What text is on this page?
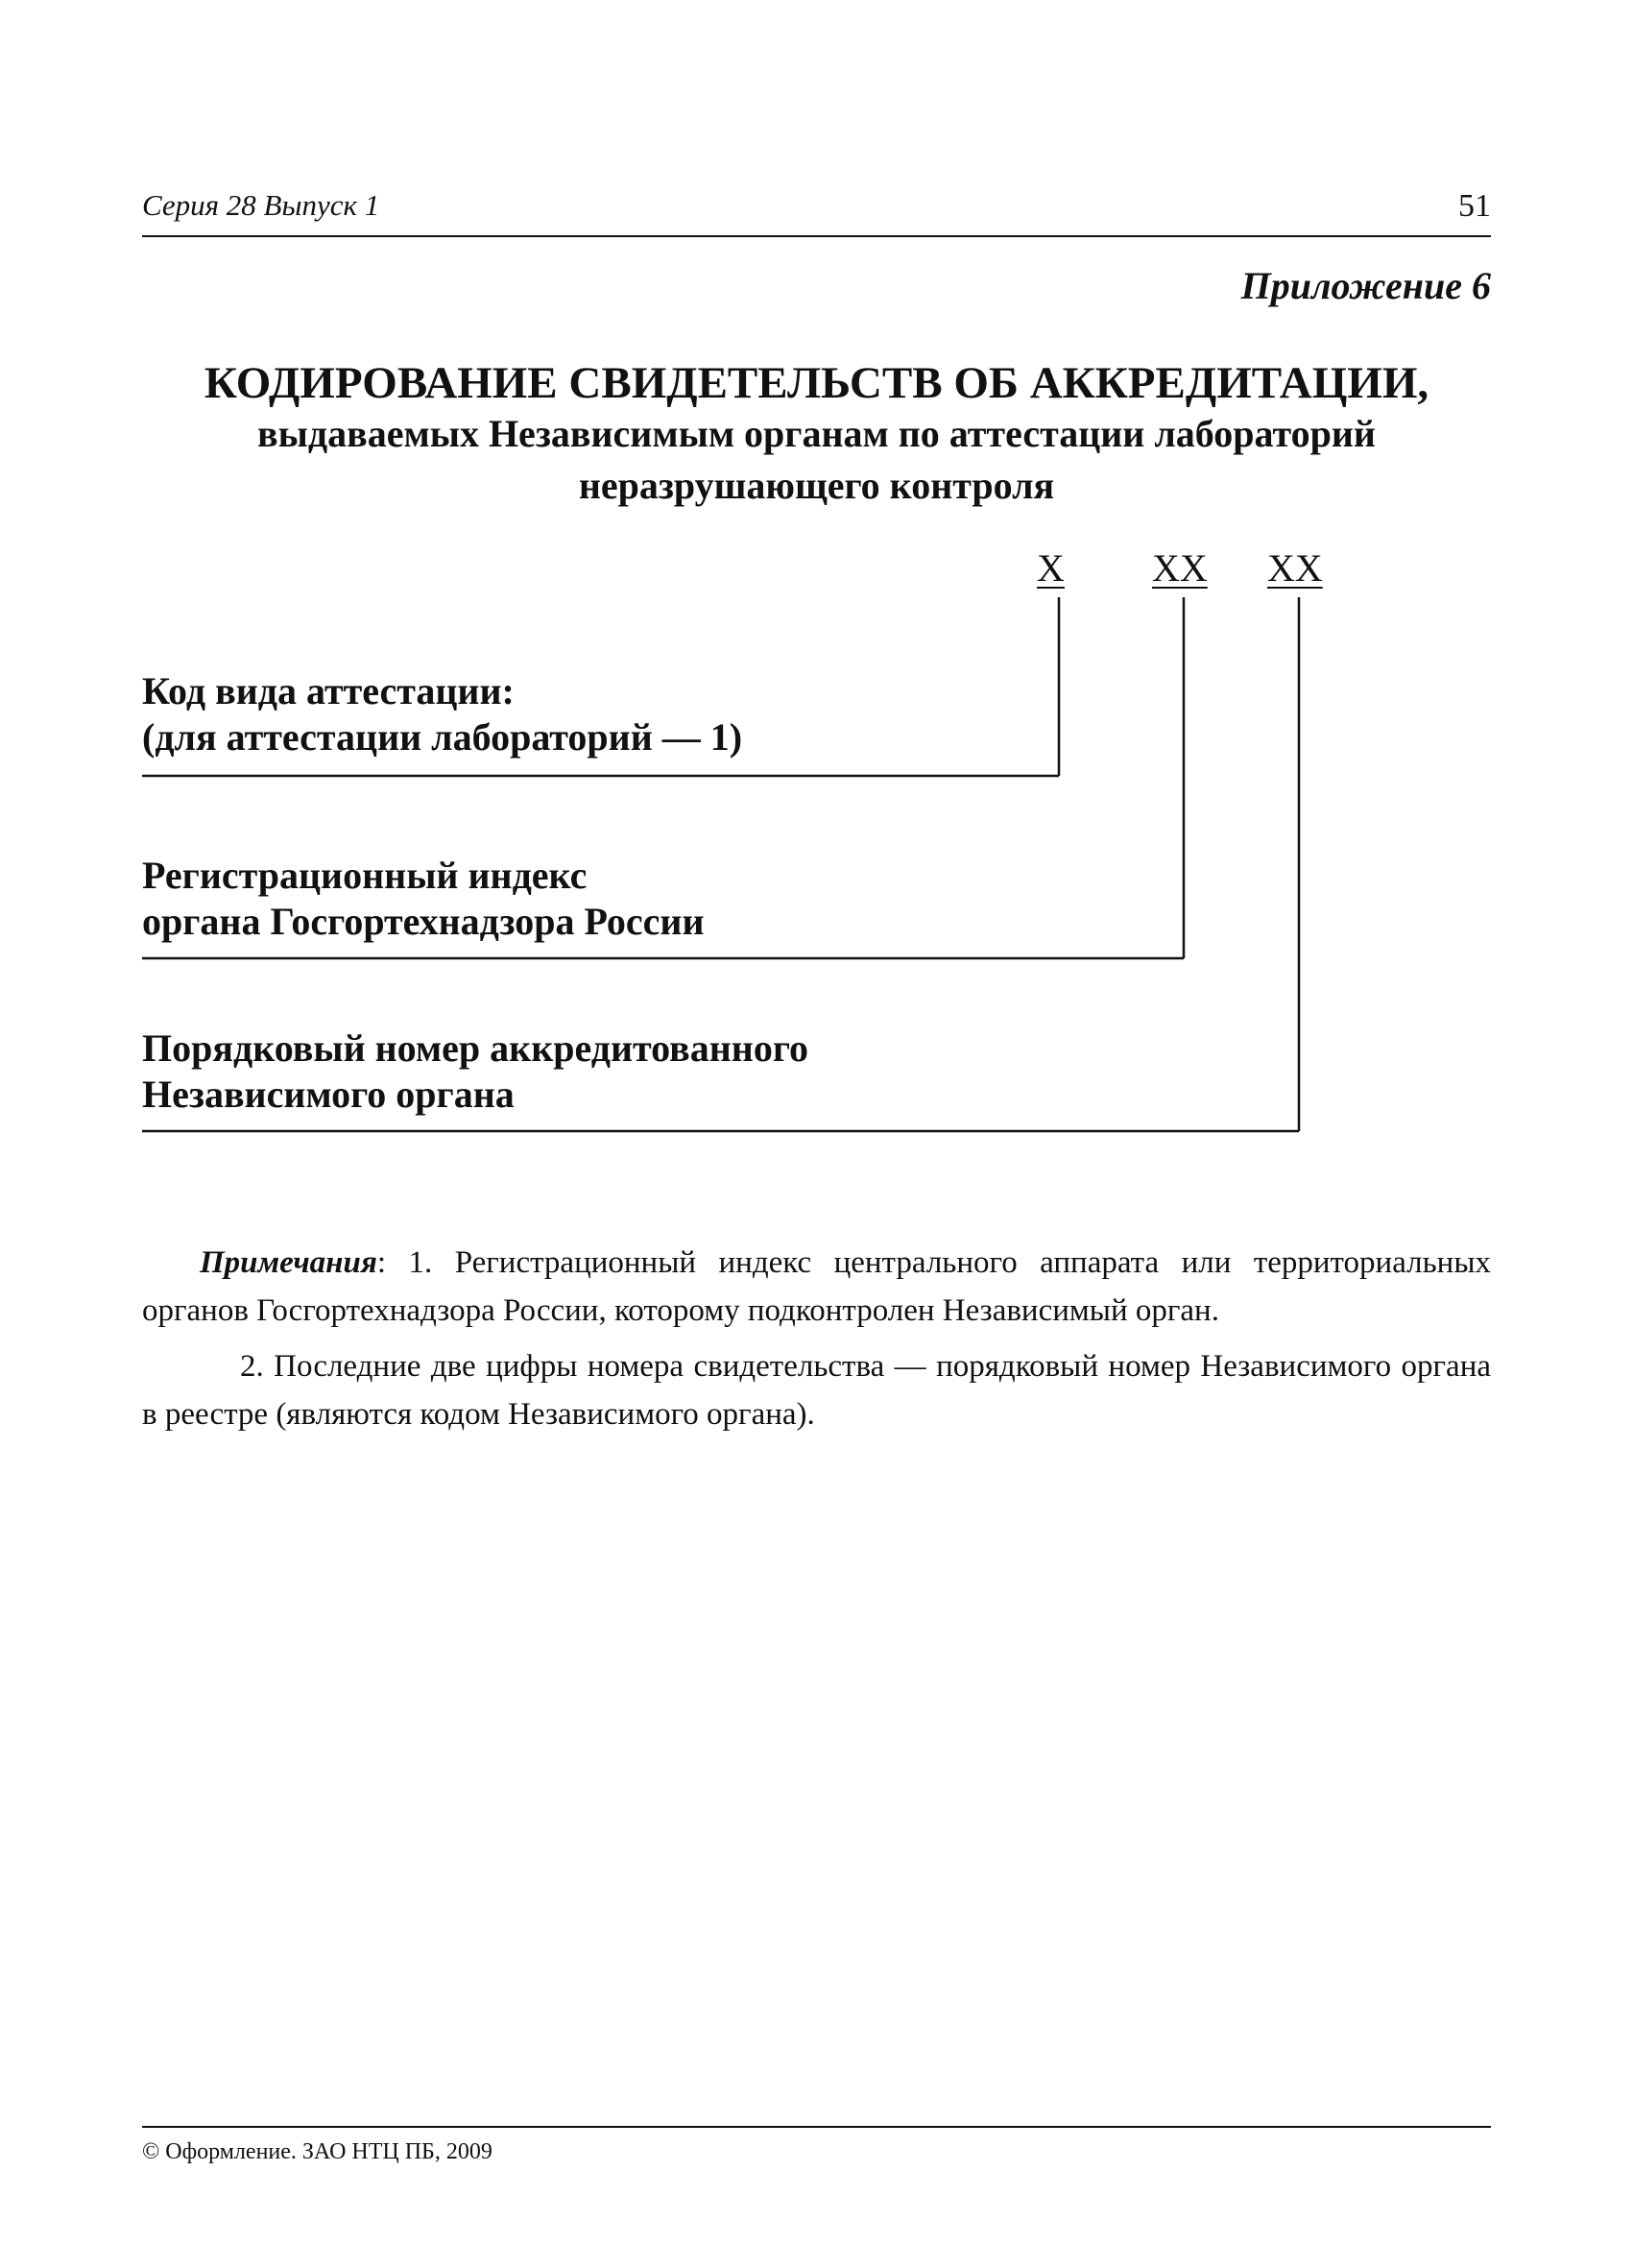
Серия 28 Выпуск 1	51
Приложение 6
КОДИРОВАНИЕ СВИДЕТЕЛЬСТВ ОБ АККРЕДИТАЦИИ,
выдаваемых Независимым органам по аттестации лабораторий
неразрушающего контроля
X XX XX
Код вида аттестации:
(для аттестации лабораторий — 1)
Регистрационный индекс
органа Госгортехнадзора России
Порядковый номер аккредитованного
Независимого органа

Примечания: 1. Регистрационный индекс центрального аппарата или территориальных органов Госгортехнадзора России, которому подконтролен Независимый орган.

2. Последние две цифры номера свидетельства — порядковый номер Независимого органа в реестре (являются кодом Независимого органа).

© Оформление. ЗАО НТЦ ПБ, 2009
